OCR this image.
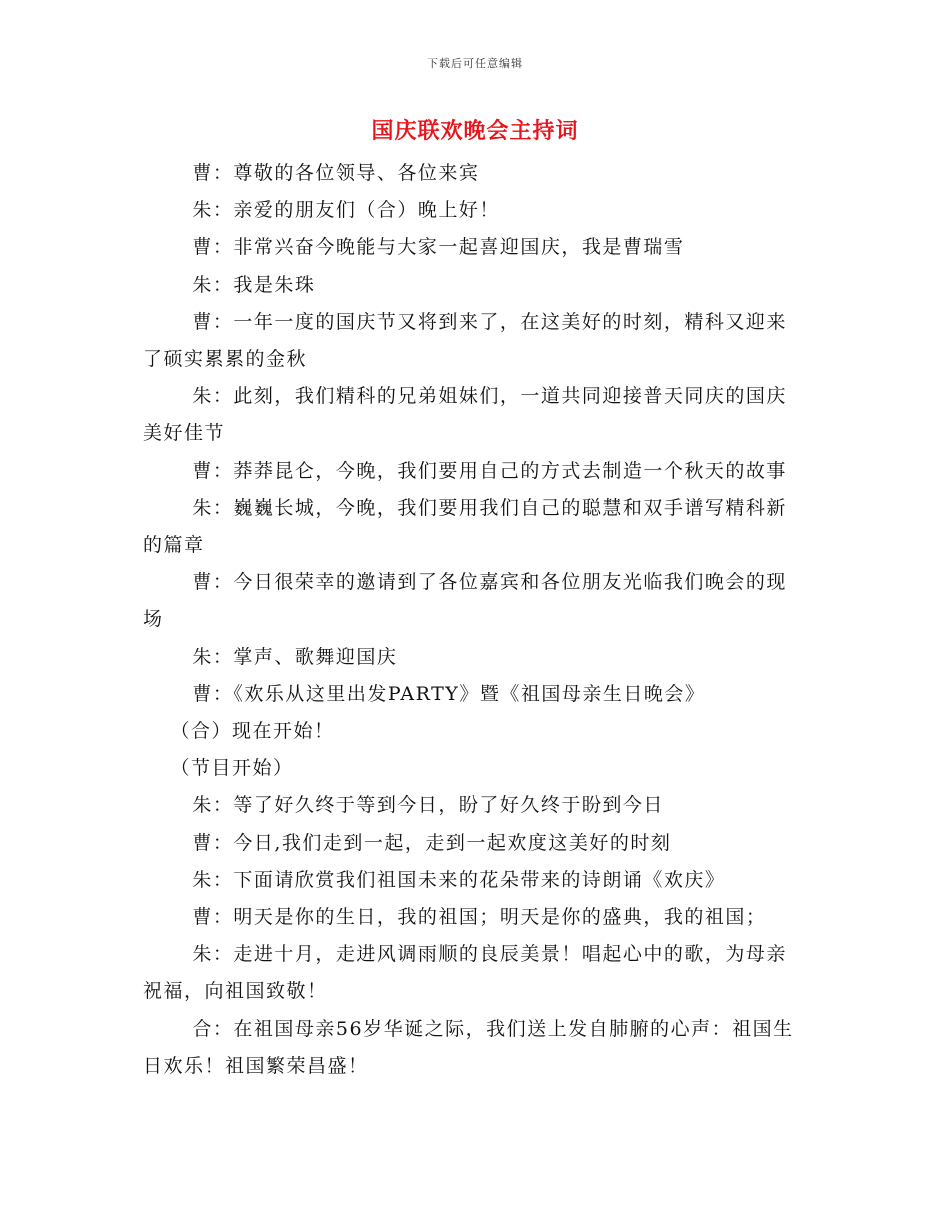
下载后可任意编辑
国庆联欢晚会主持词

曹：尊敬的各位领导、各位来宾

朱：亲爱的朋友们（合）晚上好！

曹：非常兴奋今晚能与大家一起喜迎国庆，我是曹瑞雪

朱：我是朱珠

曹：一年一度的国庆节又将到来了，在这美好的时刻，精科又迎来了硕实累累的金秋

朱：此刻，我们精科的兄弟姐妹们，一道共同迎接普天同庆的国庆美好佳节

曹：莽莽昆仑，今晚，我们要用自己的方式去制造一个秋天的故事

朱：巍巍长城，今晚，我们要用我们自己的聪慧和双手谱写精科新的篇章

曹：今日很荣幸的邀请到了各位嘉宾和各位朋友光临我们晚会的现场

朱：掌声、歌舞迎国庆

曹：《欢乐从这里出发PARTY》暨《祖国母亲生日晚会》

（合）现在开始！

（节目开始）

朱：等了好久终于等到今日，盼了好久终于盼到今日

曹：今日,我们走到一起，走到一起欢度这美好的时刻

朱：下面请欣赏我们祖国未来的花朵带来的诗朗诵《欢庆》

曹：明天是你的生日，我的祖国；明天是你的盛典，我的祖国；

朱：走进十月，走进风调雨顺的良辰美景！唱起心中的歌，为母亲祝福，向祖国致敬！

合：在祖国母亲56岁华诞之际，我们送上发自肺腑的心声：祖国生日欢乐！祖国繁荣昌盛！
